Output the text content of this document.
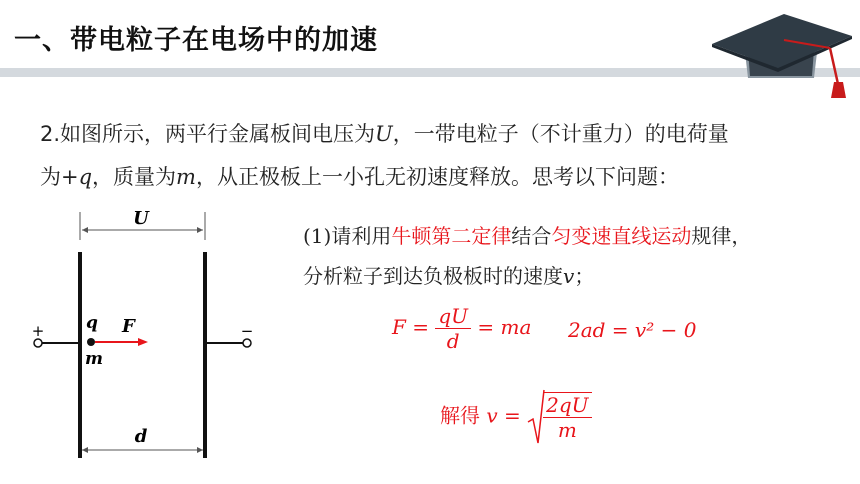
一、带电粒子在电场中的加速
2.如图所示，两平行金属板间电压为U，一带电粒子（不计重力）的电荷量
为+q，质量为m，从正极板上一小孔无初速度释放。思考以下问题：
U
+	−
q
m
F
d
(1)请利用牛顿第二定律结合匀变速直线运动规律，
分析粒子到达负极板时的速度v；
$F = \frac{qU}{d}$ = ma 2ad = v² − 0
解得 $v = \frac{2qU}{m}$
